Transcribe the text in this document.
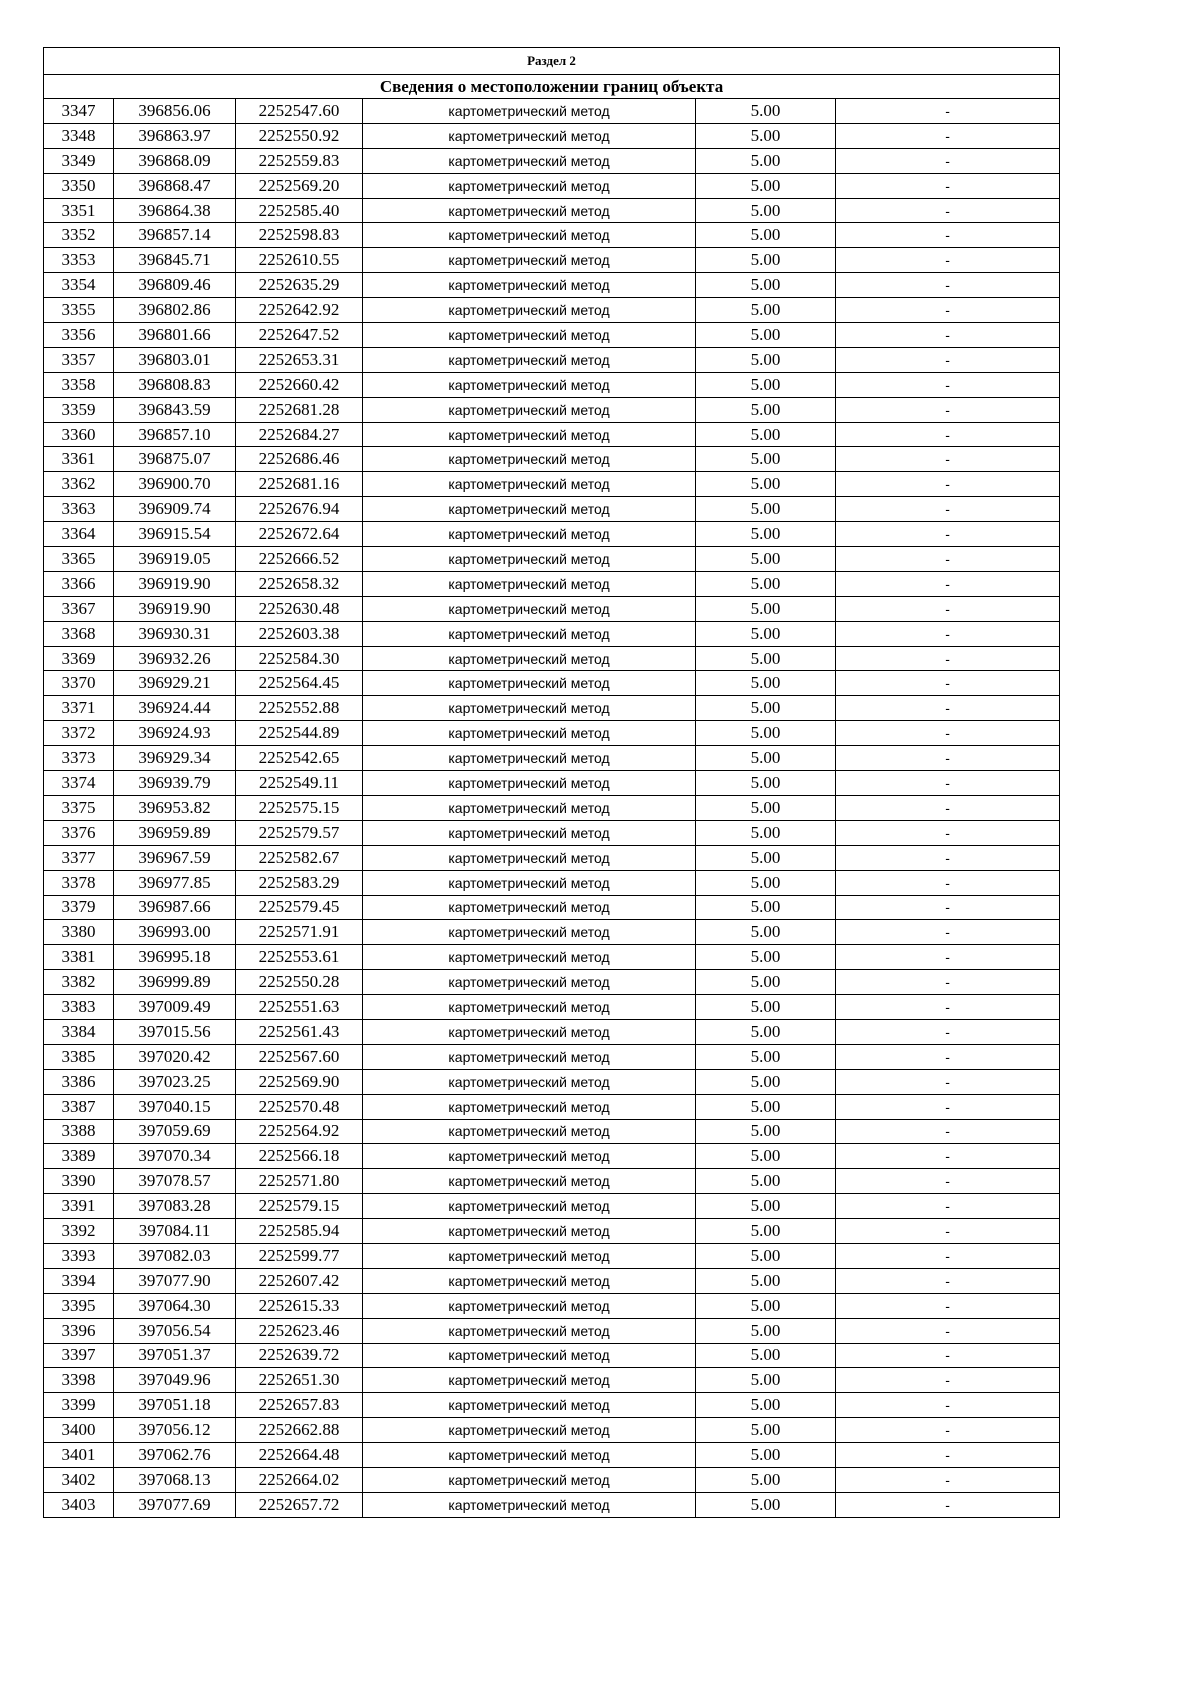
Раздел 2					
Сведения о местоположении границ объекта					
3347	396856.06	2252547.60	картометрический метод	5.00	-
3348	396863.97	2252550.92	картометрический метод	5.00	-
3349	396868.09	2252559.83	картометрический метод	5.00	-
3350	396868.47	2252569.20	картометрический метод	5.00	-
3351	396864.38	2252585.40	картометрический метод	5.00	-
3352	396857.14	2252598.83	картометрический метод	5.00	-
3353	396845.71	2252610.55	картометрический метод	5.00	-
3354	396809.46	2252635.29	картометрический метод	5.00	-
3355	396802.86	2252642.92	картометрический метод	5.00	-
3356	396801.66	2252647.52	картометрический метод	5.00	-
3357	396803.01	2252653.31	картометрический метод	5.00	-
3358	396808.83	2252660.42	картометрический метод	5.00	-
3359	396843.59	2252681.28	картометрический метод	5.00	-
3360	396857.10	2252684.27	картометрический метод	5.00	-
3361	396875.07	2252686.46	картометрический метод	5.00	-
3362	396900.70	2252681.16	картометрический метод	5.00	-
3363	396909.74	2252676.94	картометрический метод	5.00	-
3364	396915.54	2252672.64	картометрический метод	5.00	-
3365	396919.05	2252666.52	картометрический метод	5.00	-
3366	396919.90	2252658.32	картометрический метод	5.00	-
3367	396919.90	2252630.48	картометрический метод	5.00	-
3368	396930.31	2252603.38	картометрический метод	5.00	-
3369	396932.26	2252584.30	картометрический метод	5.00	-
3370	396929.21	2252564.45	картометрический метод	5.00	-
3371	396924.44	2252552.88	картометрический метод	5.00	-
3372	396924.93	2252544.89	картометрический метод	5.00	-
3373	396929.34	2252542.65	картометрический метод	5.00	-
3374	396939.79	2252549.11	картометрический метод	5.00	-
3375	396953.82	2252575.15	картометрический метод	5.00	-
3376	396959.89	2252579.57	картометрический метод	5.00	-
3377	396967.59	2252582.67	картометрический метод	5.00	-
3378	396977.85	2252583.29	картометрический метод	5.00	-
3379	396987.66	2252579.45	картометрический метод	5.00	-
3380	396993.00	2252571.91	картометрический метод	5.00	-
3381	396995.18	2252553.61	картометрический метод	5.00	-
3382	396999.89	2252550.28	картометрический метод	5.00	-
3383	397009.49	2252551.63	картометрический метод	5.00	-
3384	397015.56	2252561.43	картометрический метод	5.00	-
3385	397020.42	2252567.60	картометрический метод	5.00	-
3386	397023.25	2252569.90	картометрический метод	5.00	-
3387	397040.15	2252570.48	картометрический метод	5.00	-
3388	397059.69	2252564.92	картометрический метод	5.00	-
3389	397070.34	2252566.18	картометрический метод	5.00	-
3390	397078.57	2252571.80	картометрический метод	5.00	-
3391	397083.28	2252579.15	картометрический метод	5.00	-
3392	397084.11	2252585.94	картометрический метод	5.00	-
3393	397082.03	2252599.77	картометрический метод	5.00	-
3394	397077.90	2252607.42	картометрический метод	5.00	-
3395	397064.30	2252615.33	картометрический метод	5.00	-
3396	397056.54	2252623.46	картометрический метод	5.00	-
3397	397051.37	2252639.72	картометрический метод	5.00	-
3398	397049.96	2252651.30	картометрический метод	5.00	-
3399	397051.18	2252657.83	картометрический метод	5.00	-
3400	397056.12	2252662.88	картометрический метод	5.00	-
3401	397062.76	2252664.48	картометрический метод	5.00	-
3402	397068.13	2252664.02	картометрический метод	5.00	-
3403	397077.69	2252657.72	картометрический метод	5.00	-
